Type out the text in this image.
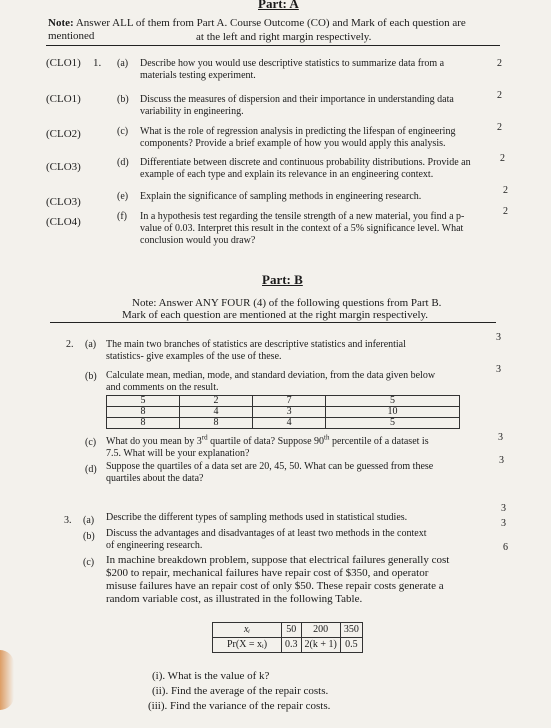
Part: A
Note: Answer ALL of them from Part A. Course Outcome (CO) and Mark of each question are mentioned	at the left and right margin respectively.
(CLO1) 1. (a) Describe how you would use descriptive statistics to summarize data from a
materials testing experiment.
2
(CLO1)	(b) Discuss the measures of dispersion and their importance in understanding data
variability in engineering.
2
(CLO2)	(c) What is the role of regression analysis in predicting the lifespan of engineering
components? Provide a brief example of how you would apply this analysis.
2
(CLO3)	(d) Differentiate between discrete and continuous probability distributions. Provide an
example of each type and explain its relevance in an engineering context.
2
(CLO3)	(e) Explain the significance of sampling methods in engineering research.
2
(CLO4)	(f) In a hypothesis test regarding the tensile strength of a new material, you find a p-
value of 0.03. Interpret this result in the context of a 5% significance level. What
conclusion would you draw?
2
Part: B
Note: Answer ANY FOUR (4) of the following questions from Part B.
Mark of each question are mentioned at the right margin respectively.
2. (a) The main two branches of statistics are descriptive statistics and inferential
statistics- give examples of the use of these.
3
(b) Calculate mean, median, mode, and standard deviation, from the data given below
and comments on the result.
3
5	2	7	5
8	4	3	10
8	8	4	5
(c) What do you mean by 3rd quartile of data? Suppose 90th percentile of a dataset is
7.5. What will be your explanation?
3
(d) Suppose the quartiles of a data set are 20, 45, 50. What can be guessed from these
quartiles about the data?
3
3. (a) Describe the different types of sampling methods used in statistical studies.
3
(b) Discuss the advantages and disadvantages of at least two methods in the context
of engineering research.
3
(c) In machine breakdown problem, suppose that electrical failures generally cost
$200 to repair, mechanical failures have repair cost of $350, and operator
misuse failures have an repair cost of only $50. These repair costs generate a
random variable cost, as illustrated in the following Table.
6
xᵢ	50	200	350
Pr(X = xᵢ)	0.3	2(k + 1)	0.5
(i). What is the value of k?
(ii). Find the average of the repair costs.
(iii). Find the variance of the repair costs.
